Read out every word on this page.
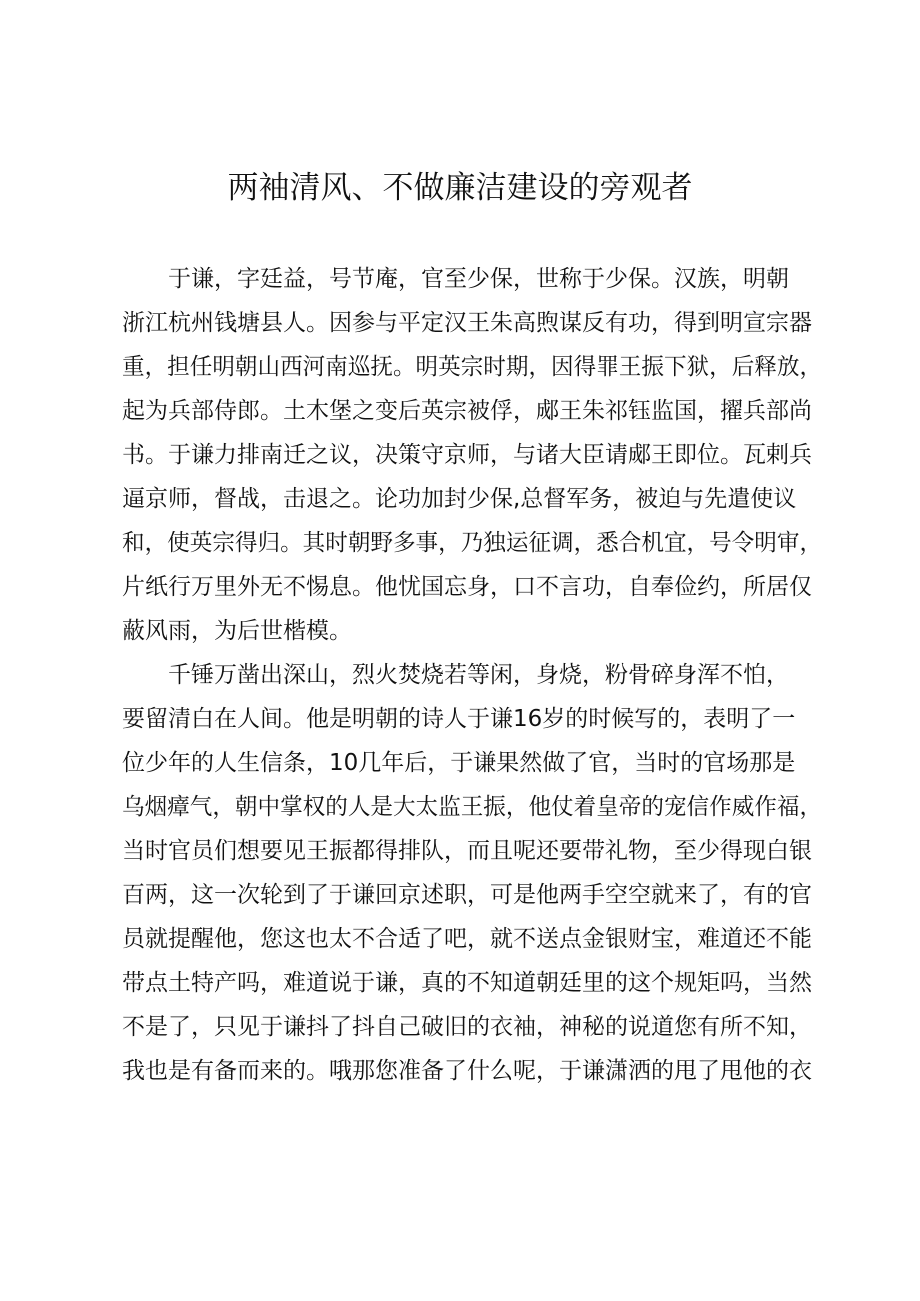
两袖清风、不做廉洁建设的旁观者

于谦，字廷益，号节庵，官至少保，世称于少保。汉族，明朝
浙江杭州钱塘县人。因参与平定汉王朱高煦谋反有功，得到明宣宗器
重，担任明朝山西河南巡抚。明英宗时期，因得罪王振下狱，后释放，
起为兵部侍郎。土木堡之变后英宗被俘，郕王朱祁钰监国，擢兵部尚
书。于谦力排南迁之议，决策守京师，与诸大臣请郕王即位。瓦剌兵
逼京师，督战，击退之。论功加封少保,总督军务，被迫与先遣使议
和，使英宗得归。其时朝野多事，乃独运征调，悉合机宜，号令明审，
片纸行万里外无不惕息。他忧国忘身，口不言功，自奉俭约，所居仅
蔽风雨，为后世楷模。

千锤万凿出深山，烈火焚烧若等闲，身烧，粉骨碎身浑不怕，
要留清白在人间。他是明朝的诗人于谦16岁的时候写的，表明了一
位少年的人生信条，10几年后，于谦果然做了官，当时的官场那是
乌烟瘴气，朝中掌权的人是大太监王振，他仗着皇帝的宠信作威作福，
当时官员们想要见王振都得排队，而且呢还要带礼物，至少得现白银
百两，这一次轮到了于谦回京述职，可是他两手空空就来了，有的官
员就提醒他，您这也太不合适了吧，就不送点金银财宝，难道还不能
带点土特产吗，难道说于谦，真的不知道朝廷里的这个规矩吗，当然
不是了，只见于谦抖了抖自己破旧的衣袖，神秘的说道您有所不知，
我也是有备而来的。哦那您准备了什么呢，于谦潇洒的甩了甩他的衣
